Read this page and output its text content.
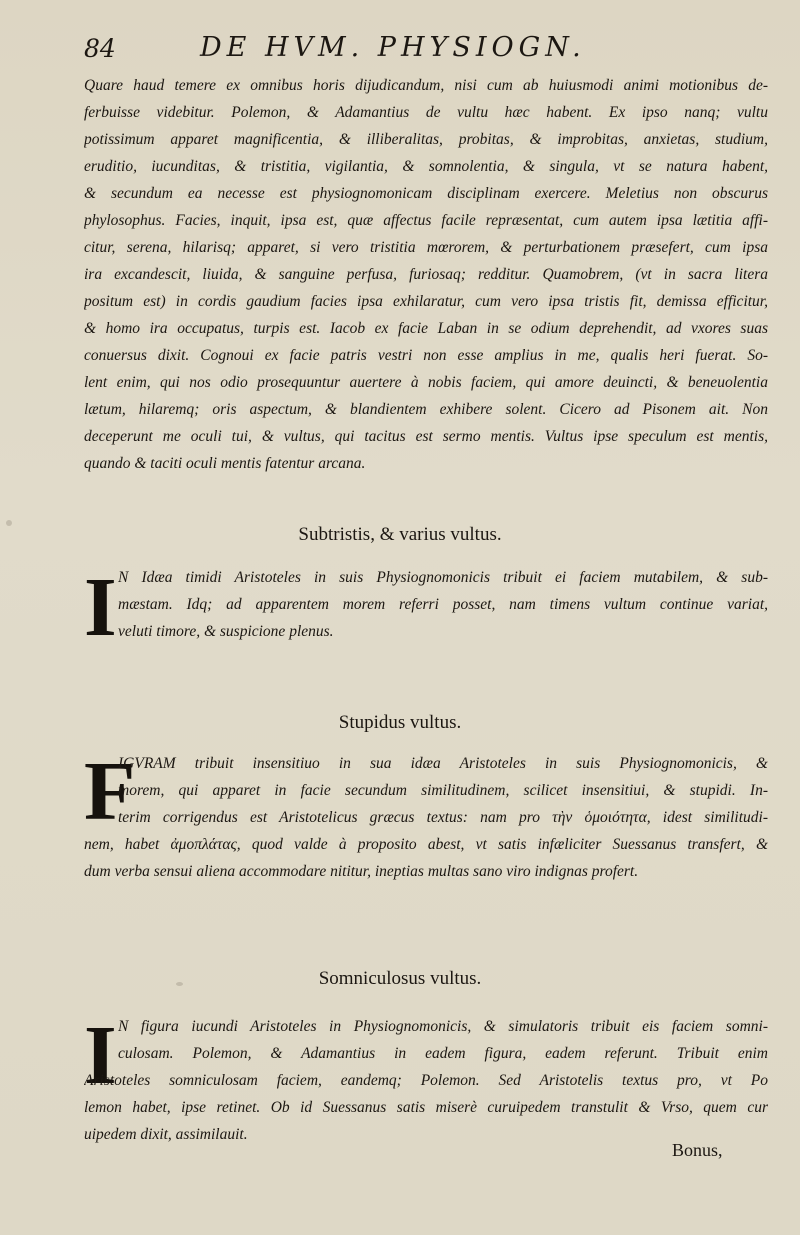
84	DE HVM. PHYSIOGN.
Quare haud temere ex omnibus horis dijudicandum, nisi cum ab huiusmodi animi motionibus de-
ferbuisse videbitur. Polemon, & Adamantius de vultu hæc habent. Ex ipso nanq; vultu
potissimum apparet magnificentia, & illiberalitas, probitas, & improbitas, anxietas, studium,
eruditio, iucunditas, & tristitia, vigilantia, & somnolentia, & singula, vt se natura habent,
& secundum ea necesse est physiognomonicam disciplinam exercere. Meletius non obscurus
phylosophus. Facies, inquit, ipsa est, quæ affectus facile repræsentat, cum autem ipsa lætitia affi-
citur, serena, hilarisq; apparet, si vero tristitia mœrorem, & perturbationem præsefert, cum ipsa
ira excandescit, liuida, & sanguine perfusa, furiosaq; redditur. Quamobrem, (vt in sacra litera
positum est) in cordis gaudium facies ipsa exhilaratur, cum vero ipsa tristis fit, demissa efficitur,
& homo ira occupatus, turpis est. Iacob ex facie Laban in se odium deprehendit, ad vxores suas
conuersus dixit. Cognoui ex facie patris vestri non esse amplius in me, qualis heri fuerat. So-
lent enim, qui nos odio prosequuntur auertere à nobis faciem, qui amore deuincti, & beneuolentia
lætum, hilaremq; oris aspectum, & blandientem exhibere solent. Cicero ad Pisonem ait. Non
deceperunt me oculi tui, & vultus, qui tacitus est sermo mentis. Vultus ipse speculum est mentis,
quando & taciti oculi mentis fatentur arcana.
Subtristis, & varius vultus.
I N Idæa timidi Aristoteles in suis Physiognomonicis tribuit ei faciem mutabilem, & sub-
mæstam. Idq; ad apparentem morem referri posset, nam timens vultum continue variat,
veluti timore, & suspicione plenus.
Stupidus vultus.
F
IGVRAM tribuit insensitiuo in sua idæa Aristoteles in suis Physiognomonicis, &
morem, qui apparet in facie secundum similitudinem, scilicet insensitiui, & stupidi. In-
terim corrigendus est Aristotelicus græcus textus: nam pro τὴν ὁμοιότητα, idest similitudi-
nem, habet ἀμοπλάτας, quod valde à proposito abest, vt satis infæliciter Suessanus transfert, &
dum verba sensui aliena accommodare nititur, ineptias multas sano viro indignas profert.
Somniculosus vultus.
I N figura iucundi Aristoteles in Physiognomonicis, & simulatoris tribuit eis faciem somni-
culosam. Polemon, & Adamantius in eadem figura, eadem referunt. Tribuit enim
Aristoteles somniculosam faciem, eandemq; Polemon. Sed Aristotelis textus pro, vt Po
lemon habet, ipse retinet. Ob id Suessanus satis miserè curuipedem transtulit & Vrso, quem cur
uipedem dixit, assimilauit.
Bonus,
